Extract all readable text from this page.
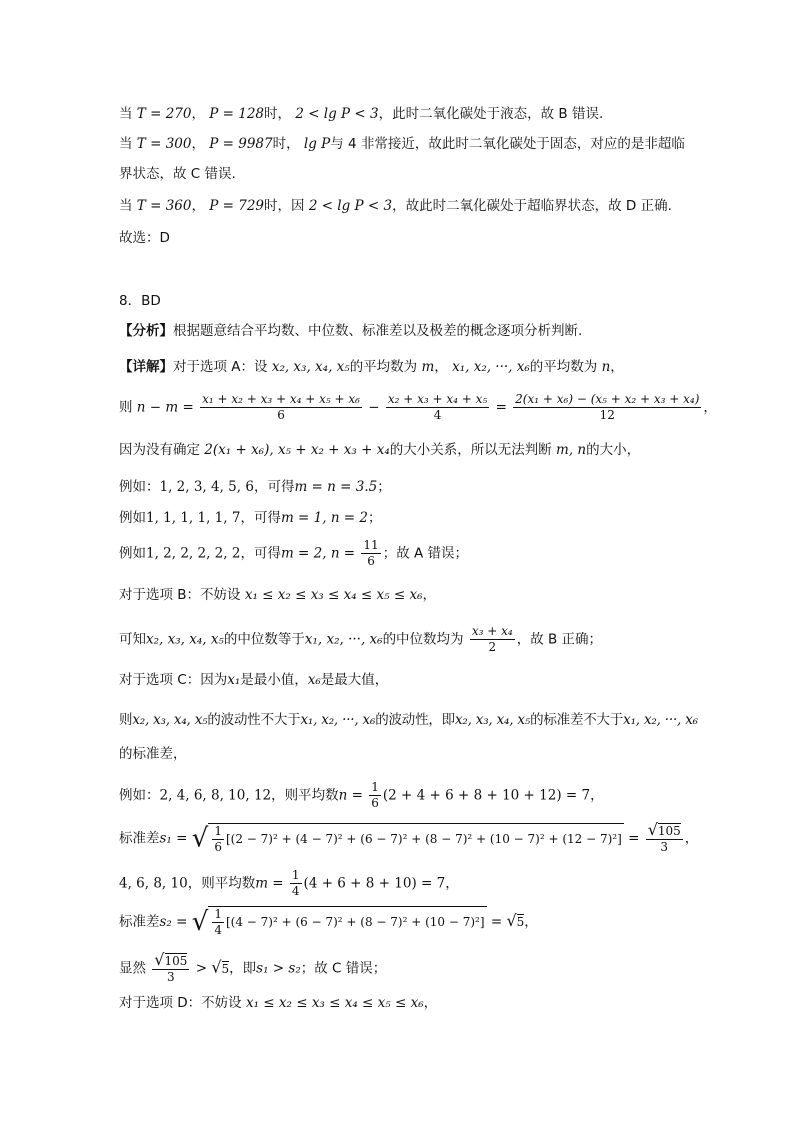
当 T = 270， P = 128时， 2 < lg P < 3，此时二氧化碳处于液态，故 B 错误.
当 T = 300， P = 9987时， lg P与 4 非常接近，故此时二氧化碳处于固态，对应的是非超临
界状态，故 C 错误.
当 T = 360， P = 729时，因 2 < lg P < 3，故此时二氧化碳处于超临界状态，故 D 正确.
故选：D
8．BD
【分析】根据题意结合平均数、中位数、标准差以及极差的概念逐项分析判断.
【详解】对于选项 A：设 x₂, x₃, x₄, x₅的平均数为 m， x₁, x₂, ···, x₆的平均数为 n，
则 $n - m = \frac{\text{x₁ + x₂ + x₃ + x₄ + x₅ + x₆}}{6} - \frac{\text{x₂ + x₃ + x₄ + x₅}}{4} = \frac{\text{2(x₁ + x₆) − (x₅ + x₂ + x₃ + x₄)}}{12}$ ，
因为没有确定 2(x₁ + x₆), x₅ + x₂ + x₃ + x₄的大小关系，所以无法判断 m, n的大小，
例如：1, 2, 3, 4, 5, 6，可得m = n = 3.5；
例如1, 1, 1, 1, 1, 7，可得m = 1, n = 2；
例如1, 2, 2, 2, 2, 2，可得m = 2, $n = \frac{11}{6}$ ；故 A 错误；
对于选项 B：不妨设 x₁ ≤ x₂ ≤ x₃ ≤ x₄ ≤ x₅ ≤ x₆，
可知x₂, x₃, x₄, x₅的中位数等于x₁, x₂, ···, x₆的中位数均为 $\frac{\text{x₃ + x₄}}{2}$ ，故 B 正确；
对于选项 C：因为x₁是最小值，x₆是最大值，
则x₂, x₃, x₄, x₅的波动性不大于x₁, x₂, ···, x₆的波动性，即x₂, x₃, x₄, x₅的标准差不大于x₁, x₂, ···, x₆
的标准差，
例如：2, 4, 6, 8, 10, 12，则平均数$n = \frac{1}{6} (2 + 4 + 6 + 8 + 10 + 12) = 7$，
标准差s₁ = √ $\frac{1}{6} [(2 - 7)^2 + (4 - 7)^2 + (6 - 7)^2 + (8 - 7)^2 + (10 - 7)^2 + (12 - 7)^2] = \frac{√105}{3}$ ，
4, 6, 8, 10，则平均数$m = \frac{1}{4} (4 + 6 + 8 + 10) = 7$，
标准差s₂ = √ $\frac{1}{4} [(4 - 7)^2 + (6 - 7)^2 + (8 - 7)^2 + (10 - 7)^2] = √5$，
显然 $\frac{√105}{3} > √5$，即s₁ > s₂；故 C 错误；
对于选项 D：不妨设 x₁ ≤ x₂ ≤ x₃ ≤ x₄ ≤ x₅ ≤ x₆，
